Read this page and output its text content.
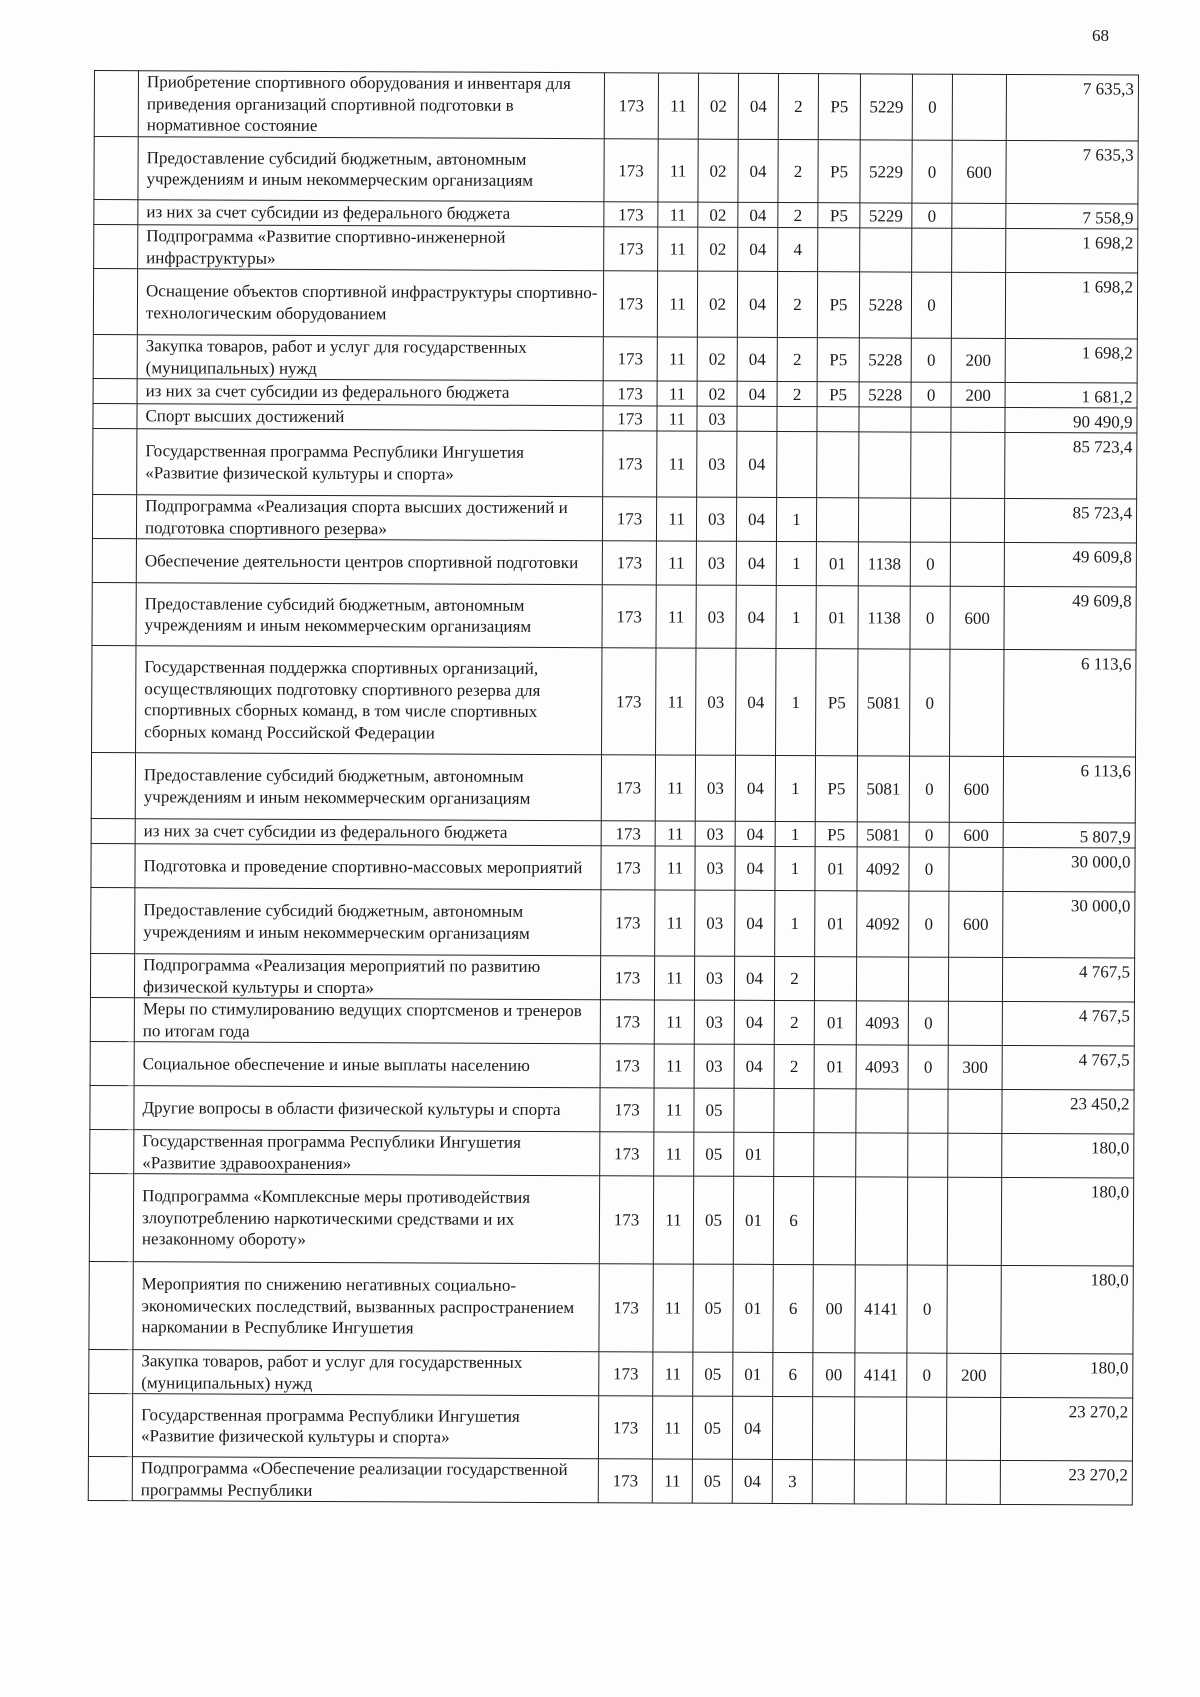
68
	Приобретение спортивного оборудования и инвентаря для приведения организаций спортивной подготовки в нормативное состояние	173	11	02	04	2	P5	5229	0		7 635,3
	Предоставление субсидий бюджетным, автономным учреждениям и иным некоммерческим организациям	173	11	02	04	2	P5	5229	0	600	7 635,3
	из них за счет субсидии из федерального бюджета	173	11	02	04	2	P5	5229	0		7 558,9
	Подпрограмма «Развитие спортивно-инженерной инфраструктуры»	173	11	02	04	4					1 698,2
	Оснащение объектов спортивной инфраструктуры спортивно-технологическим оборудованием	173	11	02	04	2	P5	5228	0		1 698,2
	Закупка товаров, работ и услуг для государственных (муниципальных) нужд	173	11	02	04	2	P5	5228	0	200	1 698,2
	из них за счет субсидии из федерального бюджета	173	11	02	04	2	P5	5228	0	200	1 681,2
	Спорт высших достижений	173	11	03							90 490,9
	Государственная программа Республики Ингушетия «Развитие физической культуры и спорта»	173	11	03	04						85 723,4
	Подпрограмма «Реализация спорта высших достижений и подготовка спортивного резерва»	173	11	03	04	1					85 723,4
	Обеспечение деятельности центров спортивной подготовки	173	11	03	04	1	01	1138	0		49 609,8
	Предоставление субсидий бюджетным, автономным учреждениям и иным некоммерческим организациям	173	11	03	04	1	01	1138	0	600	49 609,8
	Государственная поддержка спортивных организаций, осуществляющих подготовку спортивного резерва для спортивных сборных команд, в том числе спортивных сборных команд Российской Федерации	173	11	03	04	1	P5	5081	0		6 113,6
	Предоставление субсидий бюджетным, автономным учреждениям и иным некоммерческим организациям	173	11	03	04	1	P5	5081	0	600	6 113,6
	из них за счет субсидии из федерального бюджета	173	11	03	04	1	P5	5081	0	600	5 807,9
	Подготовка и проведение спортивно-массовых мероприятий	173	11	03	04	1	01	4092	0		30 000,0
	Предоставление субсидий бюджетным, автономным учреждениям и иным некоммерческим организациям	173	11	03	04	1	01	4092	0	600	30 000,0
	Подпрограмма «Реализация мероприятий по развитию физической культуры и спорта»	173	11	03	04	2					4 767,5
	Меры по стимулированию ведущих спортсменов и тренеров по итогам года	173	11	03	04	2	01	4093	0		4 767,5
	Социальное обеспечение и иные выплаты населению	173	11	03	04	2	01	4093	0	300	4 767,5
	Другие вопросы в области физической культуры и спорта	173	11	05							23 450,2
	Государственная программа Республики Ингушетия «Развитие здравоохранения»	173	11	05	01						180,0
	Подпрограмма «Комплексные меры противодействия злоупотреблению наркотическими средствами и их незаконному обороту»	173	11	05	01	6					180,0
	Мероприятия по снижению негативных социально-экономических последствий, вызванных распространением наркомании в Республике Ингушетия	173	11	05	01	6	00	4141	0		180,0
	Закупка товаров, работ и услуг для государственных (муниципальных) нужд	173	11	05	01	6	00	4141	0	200	180,0
	Государственная программа Республики Ингушетия «Развитие физической культуры и спорта»	173	11	05	04						23 270,2
	Подпрограмма «Обеспечение реализации государственной программы Республики	173	11	05	04	3					23 270,2
